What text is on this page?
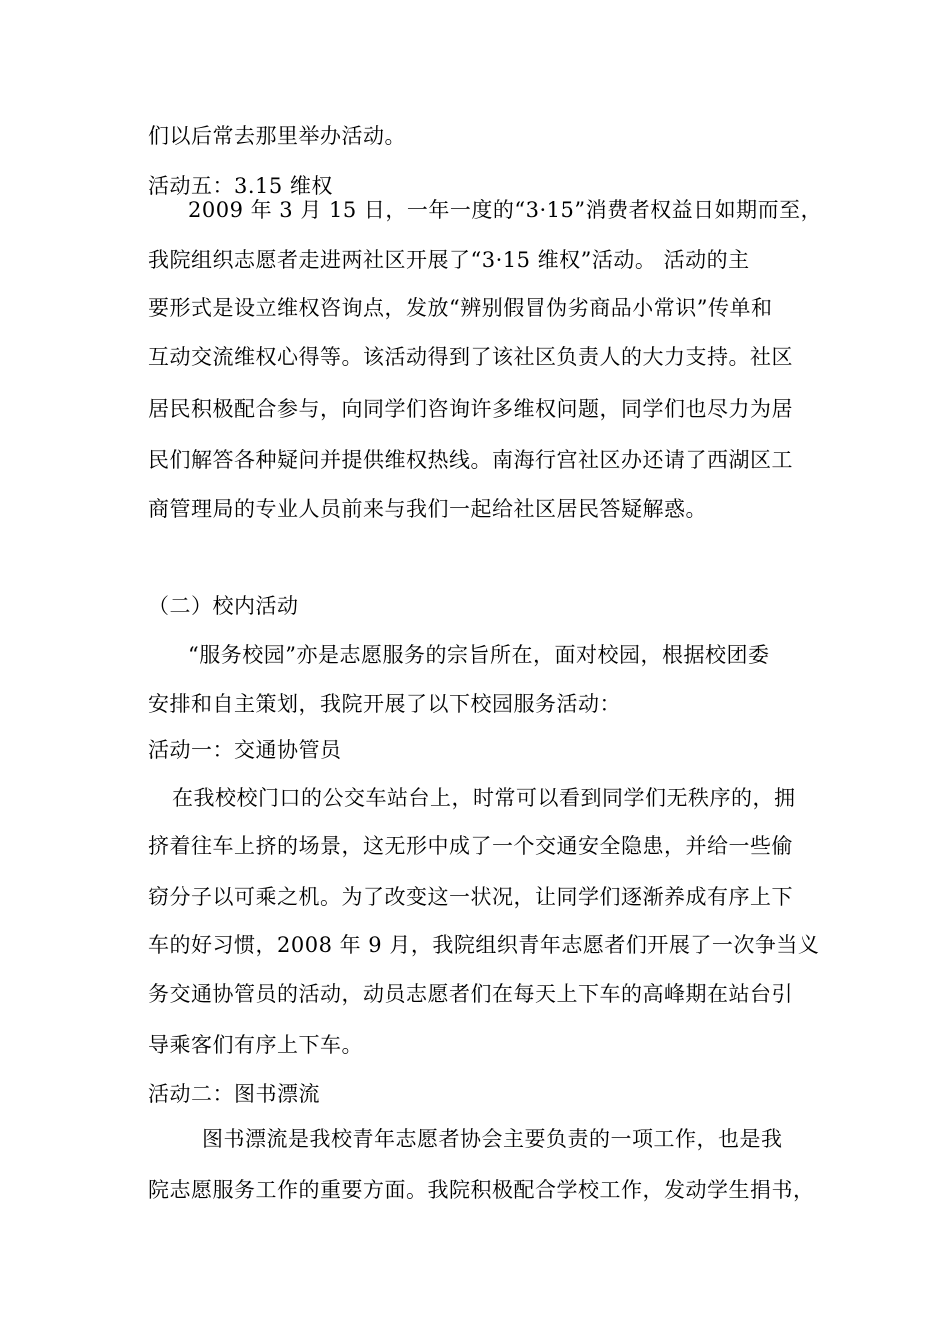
们以后常去那里举办活动。
活动五：3.15 维权
2009 年 3 月 15 日，一年一度的“3·15”消费者权益日如期而至，
我院组织志愿者走进两社区开展了“3·15 维权”活动。 活动的主
要形式是设立维权咨询点，发放“辨别假冒伪劣商品小常识”传单和
互动交流维权心得等。该活动得到了该社区负责人的大力支持。社区
居民积极配合参与，向同学们咨询许多维权问题，同学们也尽力为居
民们解答各种疑问并提供维权热线。南海行宫社区办还请了西湖区工
商管理局的专业人员前来与我们一起给社区居民答疑解惑。
（二）校内活动
“服务校园”亦是志愿服务的宗旨所在，面对校园，根据校团委
安排和自主策划，我院开展了以下校园服务活动：
活动一：交通协管员
在我校校门口的公交车站台上，时常可以看到同学们无秩序的，拥
挤着往车上挤的场景，这无形中成了一个交通安全隐患，并给一些偷
窃分子以可乘之机。为了改变这一状况，让同学们逐渐养成有序上下
车的好习惯，2008 年 9 月，我院组织青年志愿者们开展了一次争当义
务交通协管员的活动，动员志愿者们在每天上下车的高峰期在站台引
导乘客们有序上下车。
活动二：图书漂流
图书漂流是我校青年志愿者协会主要负责的一项工作，也是我
院志愿服务工作的重要方面。我院积极配合学校工作，发动学生捐书，
